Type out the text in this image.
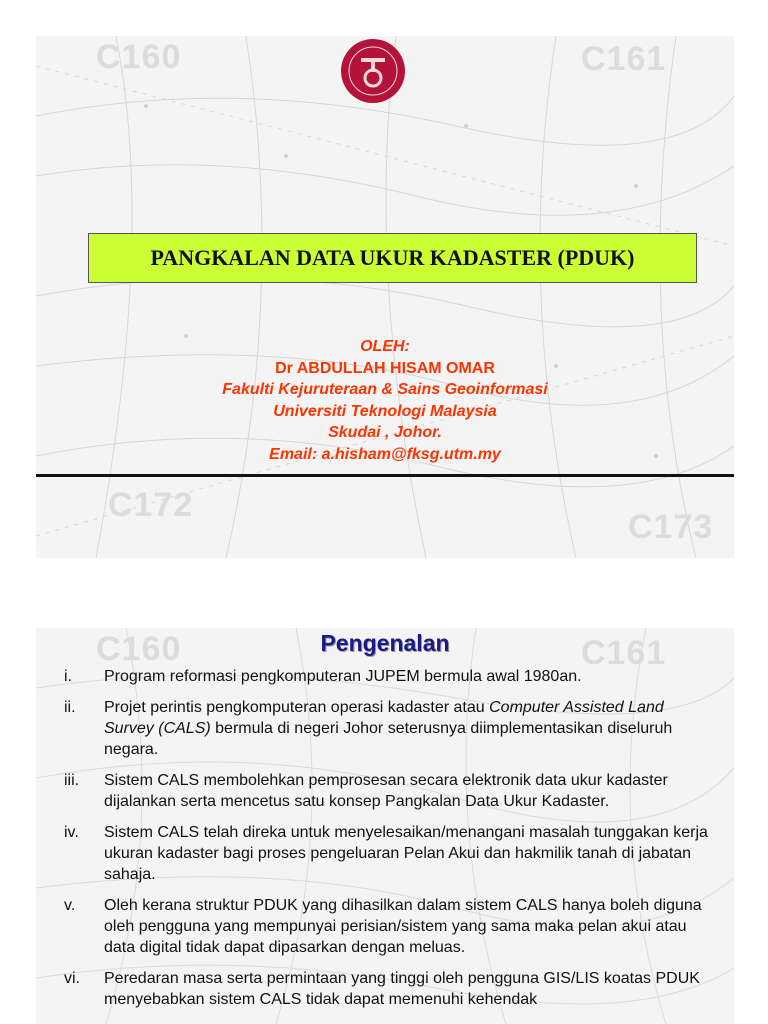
C160	C161
C172
C173
PANGKALAN DATA UKUR KADASTER (PDUK)
OLEH:
Dr ABDULLAH HISAM OMAR
Fakulti Kejuruteraan & Sains Geoinformasi
Universiti Teknologi Malaysia
Skudai , Johor.
Email: a.hisham@fksg.utm.my
C160	C161
Pengenalan
i. Program reformasi pengkomputeran JUPEM bermula awal 1980an.
ii. Projet perintis pengkomputeran operasi kadaster atau Computer Assisted Land Survey (CALS) bermula di negeri Johor seterusnya diimplementasikan diseluruh negara.
iii. Sistem CALS membolehkan pemprosesan secara elektronik data ukur kadaster dijalankan serta mencetus satu konsep Pangkalan Data Ukur Kadaster.
iv. Sistem CALS telah direka untuk menyelesaikan/menangani masalah tunggakan kerja ukuran kadaster bagi proses pengeluaran Pelan Akui dan hakmilik tanah di jabatan sahaja.
v. Oleh kerana struktur PDUK yang dihasilkan dalam sistem CALS hanya boleh diguna oleh pengguna yang mempunyai perisian/sistem yang sama maka pelan akui atau data digital tidak dapat dipasarkan dengan meluas.
vi. Peredaran masa serta permintaan yang tinggi oleh pengguna GIS/LIS koatas PDUK menyebabkan sistem CALS tidak dapat memenuhi kehendak
